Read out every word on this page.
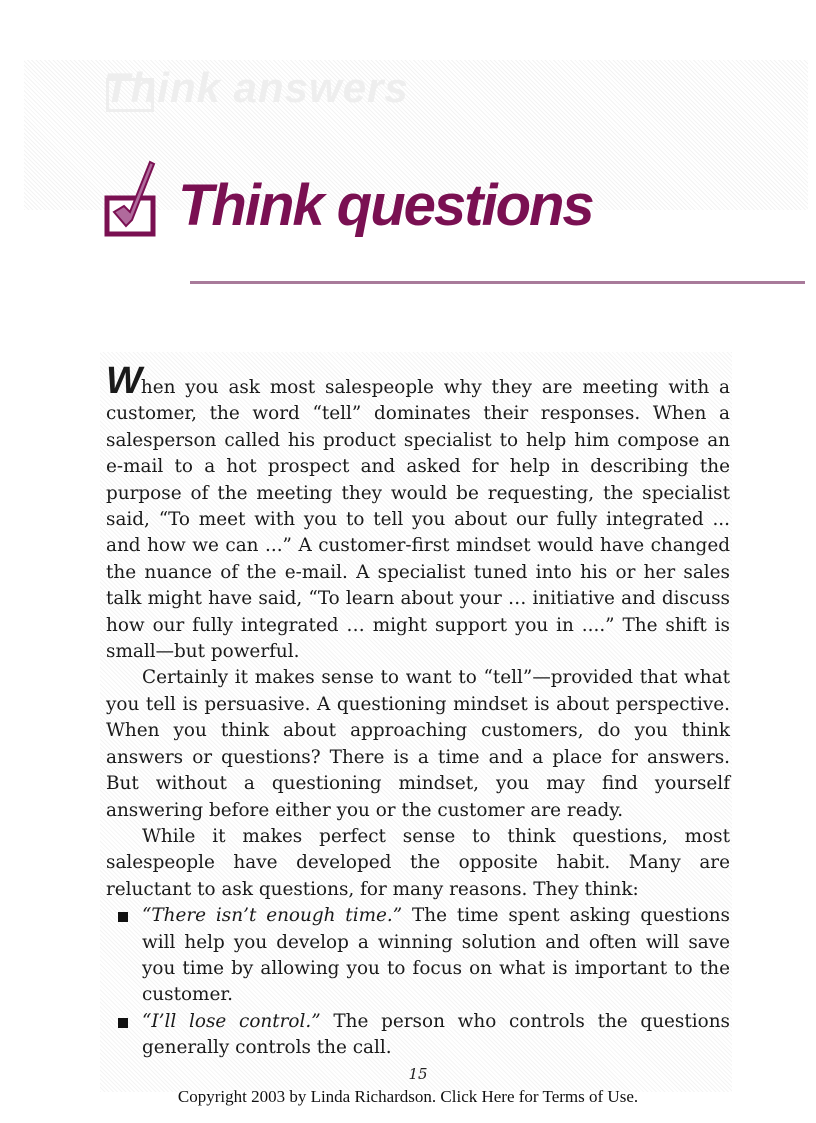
Think answers
Think questions

When you ask most salespeople why they are meeting with a customer, the word “tell” dominates their responses. When a salesperson called his product specialist to help him compose an e-mail to a hot prospect and asked for help in describing the purpose of the meeting they would be requesting, the specialist said, “To meet with you to tell you about our fully integrated ... and how we can ...” A customer-first mindset would have changed the nuance of the e-mail. A specialist tuned into his or her sales talk might have said, “To learn about your … initiative and discuss how our fully integrated … might support you in ....” The shift is small—but powerful.

Certainly it makes sense to want to “tell”—provided that what you tell is persuasive. A questioning mindset is about perspective. When you think about approaching customers, do you think answers or questions? There is a time and a place for answers. But without a questioning mindset, you may find yourself answering before either you or the customer are ready.

While it makes perfect sense to think questions, most salespeople have developed the opposite habit. Many are reluctant to ask questions, for many reasons. They think:

“There isn’t enough time.” The time spent asking questions will help you develop a winning solution and often will save you time by allowing you to focus on what is important to the customer.
“I’ll lose control.” The person who controls the questions generally controls the call.
15
Copyright 2003 by Linda Richardson. Click Here for Terms of Use.
